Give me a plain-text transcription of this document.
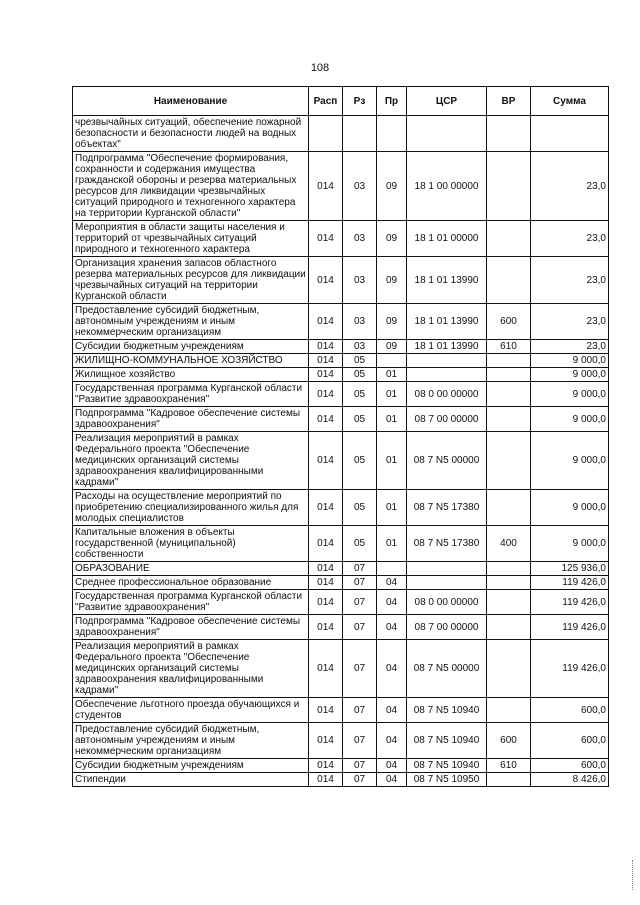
108
Наименование	Расп	Рз	Пр	ЦСР	ВР	Сумма
чрезвычайных ситуаций, обеспечение пожарной безопасности и безопасности людей на водных объектах"						
Подпрограмма "Обеспечение формирования, сохранности и содержания имущества гражданской обороны и резерва материальных ресурсов для ликвидации чрезвычайных ситуаций природного и техногенного характера на территории Курганской области"	014	03	09	18 1 00 00000		23,0
Мероприятия в области защиты населения и территорий от чрезвычайных ситуаций природного и техногенного характера	014	03	09	18 1 01 00000		23,0
Организация хранения запасов областного резерва материальных ресурсов для ликвидации чрезвычайных ситуаций на территории Курганской области	014	03	09	18 1 01 13990		23,0
Предоставление субсидий бюджетным, автономным учреждениям и иным некоммерческим организациям	014	03	09	18 1 01 13990	600	23,0
Субсидии бюджетным учреждениям	014	03	09	18 1 01 13990	610	23,0
ЖИЛИЩНО-КОММУНАЛЬНОЕ ХОЗЯЙСТВО	014	05				9 000,0
Жилищное хозяйство	014	05	01			9 000,0
Государственная программа Курганской области "Развитие здравоохранения"	014	05	01	08 0 00 00000		9 000,0
Подпрограмма "Кадровое обеспечение системы здравоохранения"	014	05	01	08 7 00 00000		9 000,0
Реализация мероприятий в рамках Федерального проекта "Обеспечение медицинских организаций системы здравоохранения квалифицированными кадрами"	014	05	01	08 7 N5 00000		9 000,0
Расходы на осуществление мероприятий по приобретению специализированного жилья для молодых специалистов	014	05	01	08 7 N5 17380		9 000,0
Капитальные вложения в объекты государственной (муниципальной) собственности	014	05	01	08 7 N5 17380	400	9 000,0
ОБРАЗОВАНИЕ	014	07				125 936,0
Среднее профессиональное образование	014	07	04			119 426,0
Государственная программа Курганской области "Развитие здравоохранения"	014	07	04	08 0 00 00000		119 426,0
Подпрограмма "Кадровое обеспечение системы здравоохранения"	014	07	04	08 7 00 00000		119 426,0
Реализация мероприятий в рамках Федерального проекта "Обеспечение медицинских организаций системы здравоохранения квалифицированными кадрами"	014	07	04	08 7 N5 00000		119 426,0
Обеспечение льготного проезда обучающихся и студентов	014	07	04	08 7 N5 10940		600,0
Предоставление субсидий бюджетным, автономным учреждениям и иным некоммерческим организациям	014	07	04	08 7 N5 10940	600	600,0
Субсидии бюджетным учреждениям	014	07	04	08 7 N5 10940	610	600,0
Стипендии	014	07	04	08 7 N5 10950		8 426,0
